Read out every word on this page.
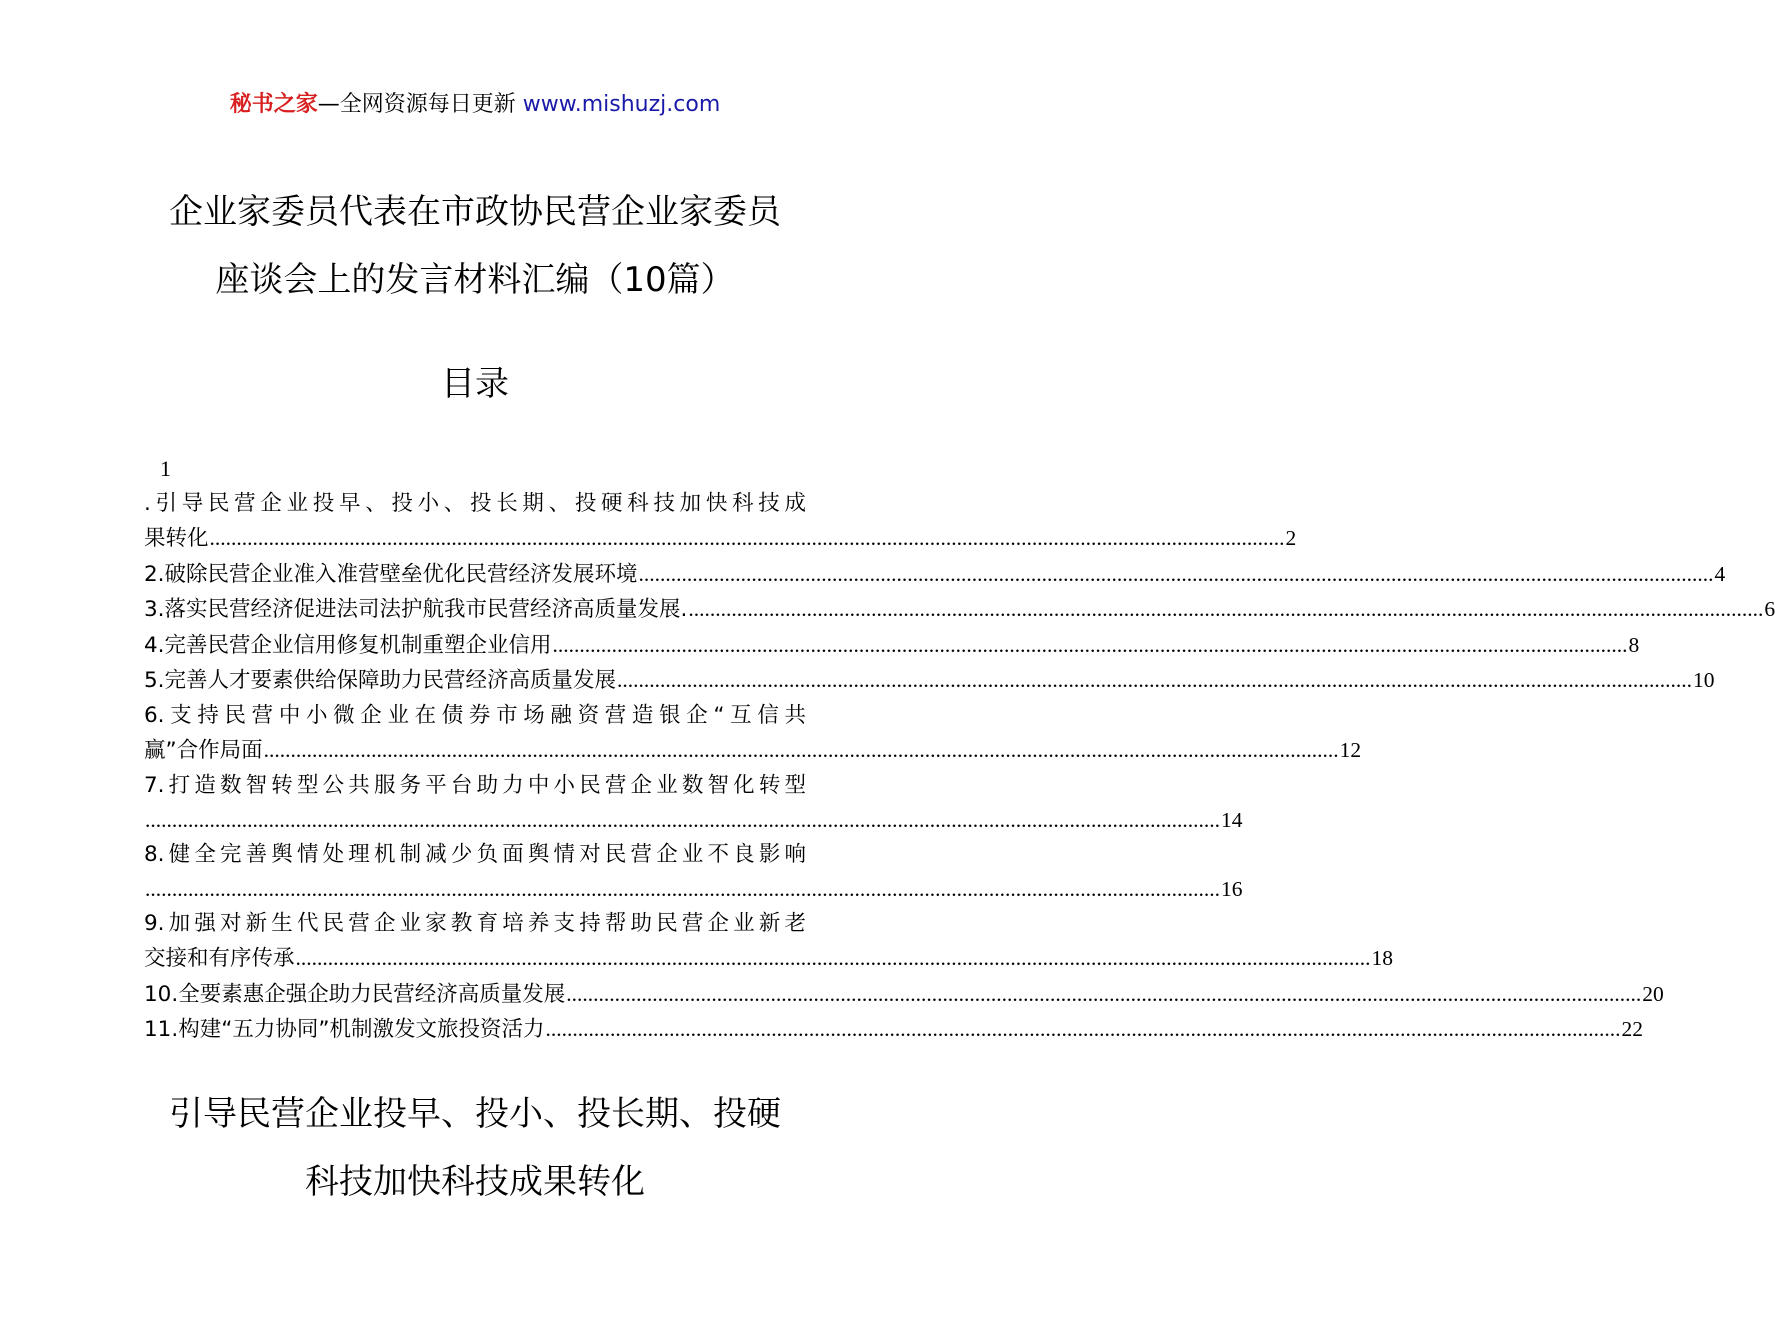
秘书之家—全网资源每日更新 www.mishuzj.com
企业家委员代表在市政协民营企业家委员
座谈会上的发言材料汇编（10篇）
目录
1
.引导民营企业投早、投小、投长期、投硬科技加快科技成
果转化 ........................................................................................................................................................................................................ 2
2.破除民营企业准入准营壁垒优化民营经济发展环境 ........................................................................................................................................................................................................ 4
3.落实民营经济促进法司法护航我市民营经济高质量发展. ........................................................................................................................................................................................................ 6
4.完善民营企业信用修复机制重塑企业信用 ........................................................................................................................................................................................................ 8
5.完善人才要素供给保障助力民营经济高质量发展 ........................................................................................................................................................................................................ 10
6.支持民营中小微企业在债券市场融资营造银企“互信共
赢”合作局面 ........................................................................................................................................................................................................ 12
7.打造数智转型公共服务平台助力中小民营企业数智化转型
........................................................................................................................................................................................................ 14
8.健全完善舆情处理机制减少负面舆情对民营企业不良影响
........................................................................................................................................................................................................ 16
9.加强对新生代民营企业家教育培养支持帮助民营企业新老
交接和有序传承 ........................................................................................................................................................................................................ 18
10.全要素惠企强企助力民营经济高质量发展 ........................................................................................................................................................................................................ 20
11.构建“五力协同”机制激发文旅投资活力 ........................................................................................................................................................................................................ 22
引导民营企业投早、投小、投长期、投硬
科技加快科技成果转化
